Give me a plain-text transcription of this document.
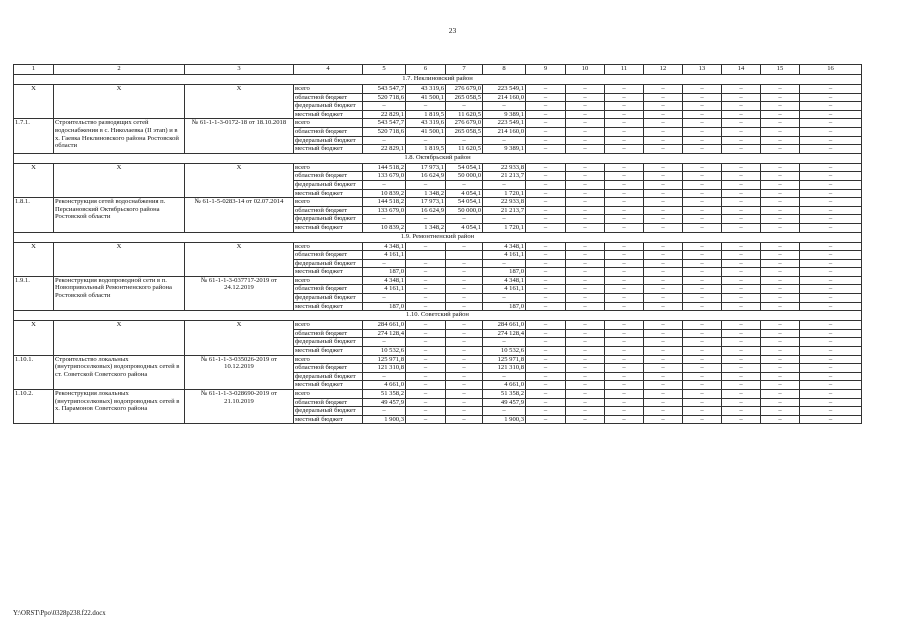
23
1	2	3	4	5	6	7	8	9	10	11	12	13	14	15	16
1.7. Неклиновский район															
X	X	X	всего	543 547,7	43 319,6	276 679,0	223 549,1	–	–	–	–	–	–	–	–
			областной бюджет	520 718,6	41 500,1	265 058,5	214 160,0	–	–	–	–	–	–	–	–
			федеральный бюджет	–	–	–	–	–	–	–	–	–	–	–	–
			местный бюджет	22 829,1	1 819,5	11 620,5	9 389,1	–	–	–	–	–	–	–	–
1.7.1.	Строительство разводящих сетей водоснабжения в с. Николаевка (II этап) и в х. Гаевка Неклиновского района Ростовской области	№ 61-1-1-3-0172-18 от 18.10.2018	всего	543 547,7	43 319,6	276 679,0	223 549,1	–	–	–	–	–	–	–	–
			областной бюджет	520 718,6	41 500,1	265 058,5	214 160,0	–	–	–	–	–	–	–	–
			федеральный бюджет	–	–	–	–	–	–	–	–	–	–	–	–
			местный бюджет	22 829,1	1 819,5	11 620,5	9 389,1	–	–	–	–	–	–	–	–
1.8. Октябрьский район															
X	X	X	всего	144 518,2	17 973,1	54 054,1	22 933,8	–	–	–	–	–	–	–	–
			областной бюджет	133 679,0	16 624,9	50 000,0	21 213,7	–	–	–	–	–	–	–	–
			федеральный бюджет	–	–	–	–	–	–	–	–	–	–	–	–
			местный бюджет	10 839,2	1 348,2	4 054,1	1 720,1	–	–	–	–	–	–	–	–
1.8.1.	Реконструкция сетей водоснабжения п. Персиановский Октябрьского района Ростовской области	№ 61-1-5-0283-14 от 02.07.2014	всего	144 518,2	17 973,1	54 054,1	22 933,8	–	–	–	–	–	–	–	–
			областной бюджет	133 679,0	16 624,9	50 000,0	21 213,7	–	–	–	–	–	–	–	–
			федеральный бюджет	–	–	–	–	–	–	–	–	–	–	–	–
			местный бюджет	10 839,2	1 348,2	4 054,1	1 720,1	–	–	–	–	–	–	–	–
1.9. Ремонтненский район															
X	X	X	всего	4 348,1	–	–	4 348,1	–	–	–	–	–	–	–	–
			областной бюджет	4 161,1			4 161,1	–	–	–	–	–	–	–	–
			федеральный бюджет	–	–	–	–	–	–	–	–	–	–	–	–
			местный бюджет	187,0	–	–	187,0	–	–	–	–	–	–	–	–
1.9.1.	Реконструкция водопроводной сети в п. Новопривольный Ремонтненского района Ростовской области	№ 61-1-1-3-037717-2019 от 24.12.2019	всего	4 348,1	–	–	4 348,1	–	–	–	–	–	–	–	–
			областной бюджет	4 161,1	–	–	4 161,1	–	–	–	–	–	–	–	–
			федеральный бюджет	–	–	–	–	–	–	–	–	–	–	–	–
			местный бюджет	187,0	–	–	187,0	–	–	–	–	–	–	–	–
1.10. Советский район															
X	X	X	всего	284 661,0	–	–	284 661,0	–	–	–	–	–	–	–	–
			областной бюджет	274 128,4	–	–	274 128,4	–	–	–	–	–	–	–	–
			федеральный бюджет	–	–	–	–	–	–	–	–	–	–	–	–
			местный бюджет	10 532,6	–	–	10 532,6	–	–	–	–	–	–	–	–
1.10.1.	Строительство локальных (внутрипоселковых) водопроводных сетей в ст. Советской Советского района	№ 61-1-1-3-035026-2019 от 10.12.2019	всего	125 971,8	–	–	125 971,8	–	–	–	–	–	–	–	–
			областной бюджет	121 310,8	–	–	121 310,8	–	–	–	–	–	–	–	–
			федеральный бюджет	–	–	–	–	–	–	–	–	–	–	–	–
			местный бюджет	4 661,0	–	–	4 661,0	–	–	–	–	–	–	–	–
1.10.2.	Реконструкция локальных (внутрипоселковых) водопроводных сетей в х. Парамонов Советского района	№ 61-1-1-3-028690-2019 от 21.10.2019	всего	51 358,2	–	–	51 358,2	–	–	–	–	–	–	–	–
			областной бюджет	49 457,9	–	–	49 457,9	–	–	–	–	–	–	–	–
			федеральный бюджет	–	–	–	–	–	–	–	–	–	–	–	–
			местный бюджет	1 900,3	–	–	1 900,3	–	–	–	–	–	–	–	–
Y:\ORST\Ppo\0328p238.f22.docx
